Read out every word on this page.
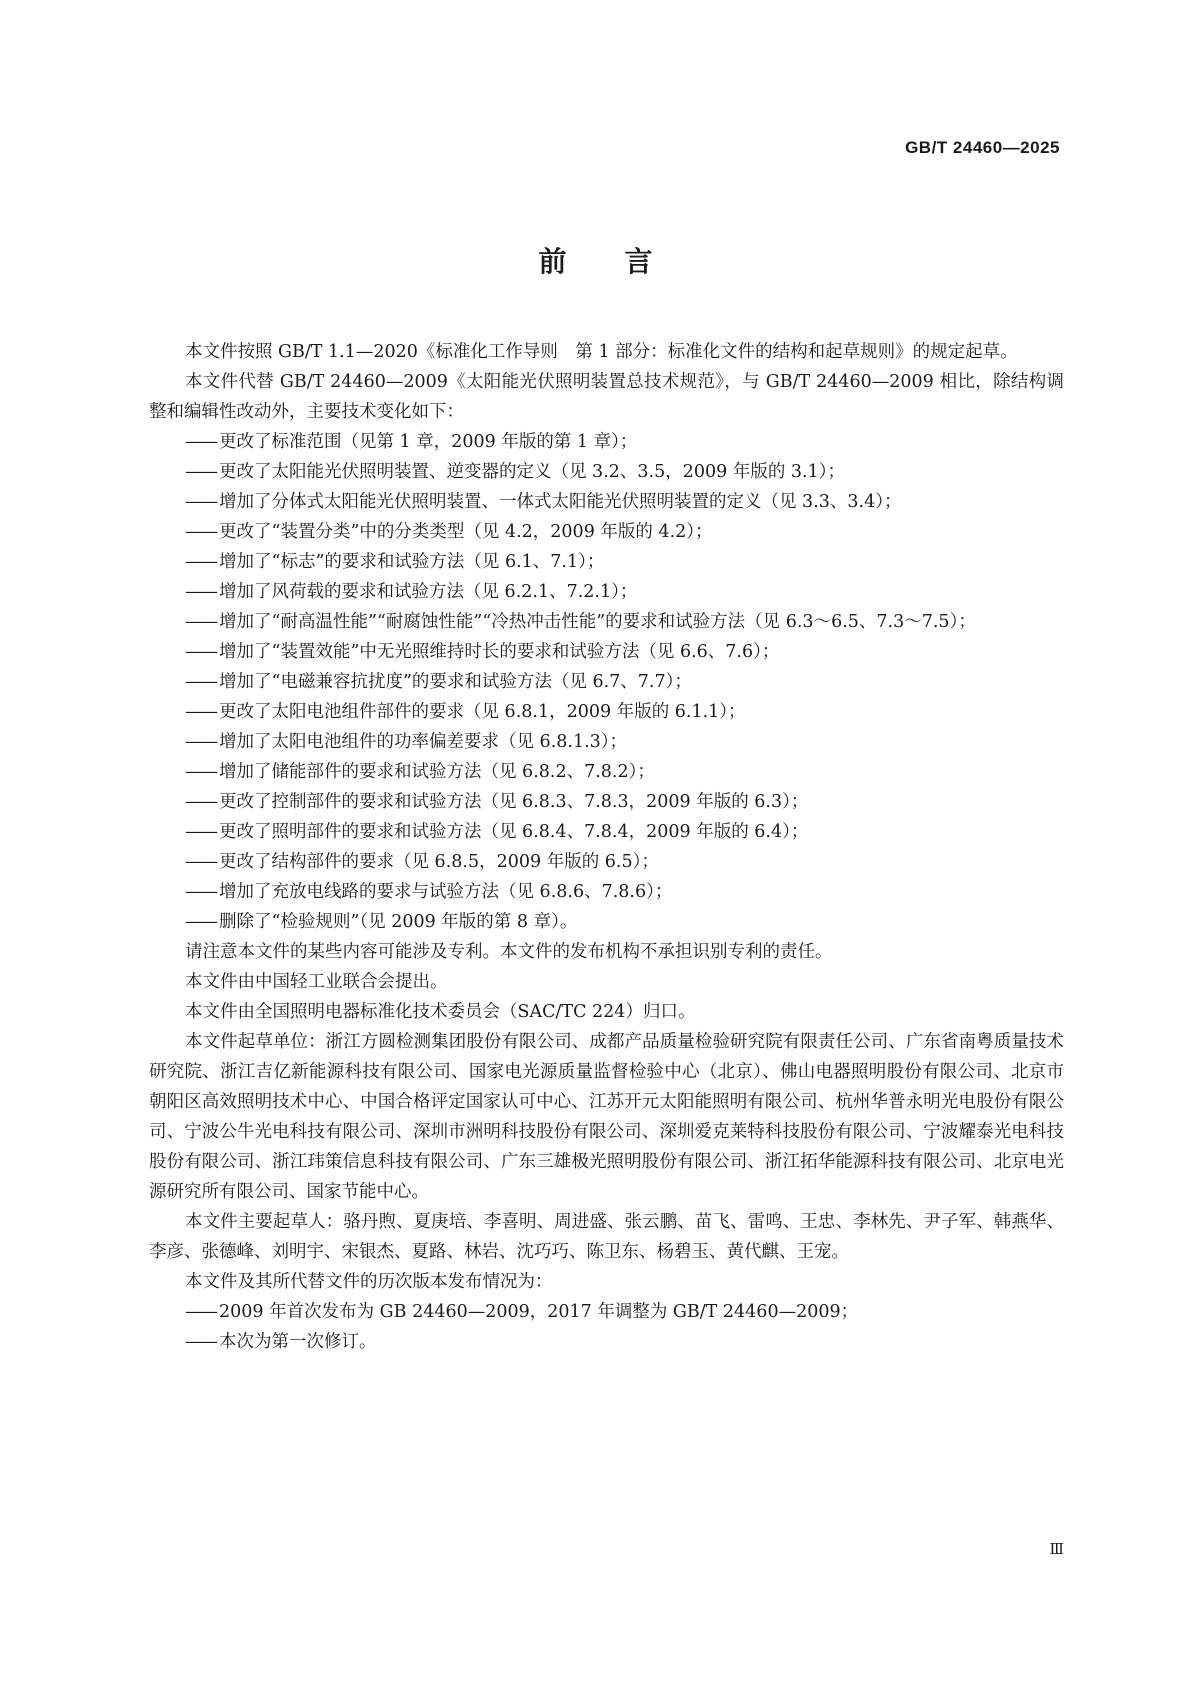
GB/T 24460—2025
前言

本文件按照 GB/T 1.1—2020《标准化工作导则　第 1 部分：标准化文件的结构和起草规则》的规定起草。

本文件代替 GB/T 24460—2009《太阳能光伏照明装置总技术规范》，与 GB/T 24460—2009 相比，除结构调整和编辑性改动外，主要技术变化如下：

—— 更改了标准范围（见第 1 章，2009 年版的第 1 章）；

—— 更改了太阳能光伏照明装置、逆变器的定义（见 3.2、3.5，2009 年版的 3.1）；

—— 增加了分体式太阳能光伏照明装置、一体式太阳能光伏照明装置的定义（见 3.3、3.4）；

—— 更改了“装置分类”中的分类类型（见 4.2，2009 年版的 4.2）；

—— 增加了“标志”的要求和试验方法（见 6.1、7.1）；

—— 增加了风荷载的要求和试验方法（见 6.2.1、7.2.1）；

—— 增加了“耐高温性能”“耐腐蚀性能”“冷热冲击性能”的要求和试验方法（见 6.3～6.5、7.3～7.5）；

—— 增加了“装置效能”中无光照维持时长的要求和试验方法（见 6.6、7.6）；

—— 增加了“电磁兼容抗扰度”的要求和试验方法（见 6.7、7.7）；

—— 更改了太阳电池组件部件的要求（见 6.8.1，2009 年版的 6.1.1）；

—— 增加了太阳电池组件的功率偏差要求（见 6.8.1.3）；

—— 增加了储能部件的要求和试验方法（见 6.8.2、7.8.2）；

—— 更改了控制部件的要求和试验方法（见 6.8.3、7.8.3，2009 年版的 6.3）；

—— 更改了照明部件的要求和试验方法（见 6.8.4、7.8.4，2009 年版的 6.4）；

—— 更改了结构部件的要求（见 6.8.5，2009 年版的 6.5）；

—— 增加了充放电线路的要求与试验方法（见 6.8.6、7.8.6）；

—— 删除了“检验规则”（见 2009 年版的第 8 章）。

请注意本文件的某些内容可能涉及专利。本文件的发布机构不承担识别专利的责任。

本文件由中国轻工业联合会提出。

本文件由全国照明电器标准化技术委员会（SAC/TC 224）归口。

本文件起草单位：浙江方圆检测集团股份有限公司、成都产品质量检验研究院有限责任公司、广东省南粤质量技术研究院、浙江吉亿新能源科技有限公司、国家电光源质量监督检验中心（北京）、佛山电器照明股份有限公司、北京市朝阳区高效照明技术中心、中国合格评定国家认可中心、江苏开元太阳能照明有限公司、杭州华普永明光电股份有限公司、宁波公牛光电科技有限公司、深圳市洲明科技股份有限公司、深圳爱克莱特科技股份有限公司、宁波耀泰光电科技股份有限公司、浙江玮策信息科技有限公司、广东三雄极光照明股份有限公司、浙江拓华能源科技有限公司、北京电光源研究所有限公司、国家节能中心。

本文件主要起草人：骆丹煦、夏庚培、李喜明、周进盛、张云鹏、苗飞、雷鸣、王忠、李林先、尹子军、韩燕华、李彦、张德峰、刘明宇、宋银杰、夏路、林岩、沈巧巧、陈卫东、杨碧玉、黄代麒、王宠。

本文件及其所代替文件的历次版本发布情况为：

—— 2009 年首次发布为 GB 24460—2009，2017 年调整为 GB/T 24460—2009；

—— 本次为第一次修订。

Ⅲ
